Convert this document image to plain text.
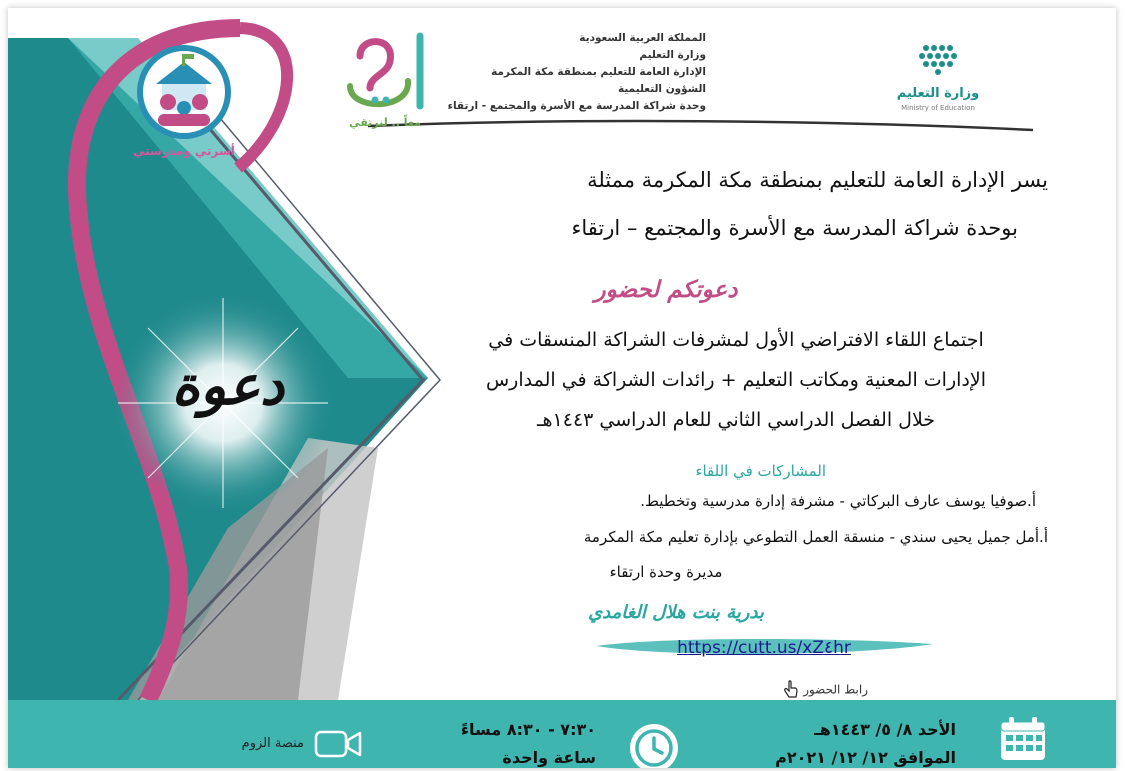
وزارة التعليم
Ministry of Education
المملكة العربية السعودية
وزارة التعليم
الإدارة العامة للتعليم بمنطقة مكة المكرمة
الشؤون التعليمية
وحدة شراكة المدرسة مع الأسرة والمجتمع - ارتقاء
معاً .. لنرتقي
أسرتي ومدرستي
دعوة
يسر الإدارة العامة للتعليم بمنطقة مكة المكرمة ممثلة
بوحدة شراكة المدرسة مع الأسرة والمجتمع – ارتقاء
دعوتكم لحضور
اجتماع اللقاء الافتراضي الأول لمشرفات الشراكة المنسقات في
الإدارات المعنية ومكاتب التعليم + رائدات الشراكة في المدارس
خلال الفصل الدراسي الثاني للعام الدراسي ١٤٤٣هـ
المشاركات في اللقاء
أ.صوفيا يوسف عارف البركاتي - مشرفة إدارة مدرسية وتخطيط.
أ.أمل جميل يحيى سندي - منسقة العمل التطوعي بإدارة تعليم مكة المكرمة
مديرة وحدة ارتقاء
بدرية بنت هلال الغامدي
https://cutt.us/xZ٤hr
رابط الحضور
الأحد ٨/ ٥/ ١٤٤٣هـ
الموافق ١٢/ ١٢/ ٢٠٢١م
٧:٣٠ - ٨:٣٠ مساءً
ساعة واحدة
منصة الزوم
